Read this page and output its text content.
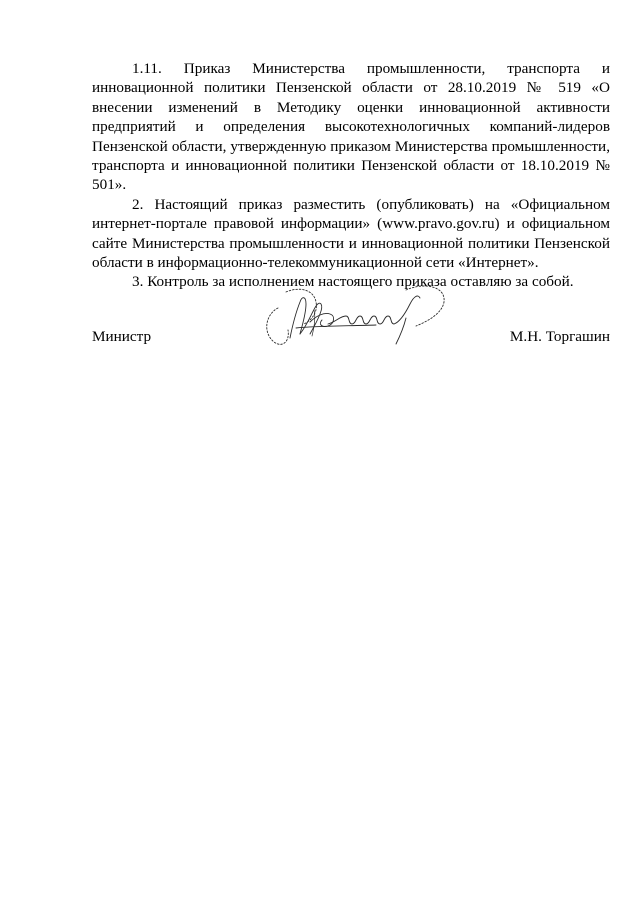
1.11. Приказ Министерства промышленности, транспорта и инновационной политики Пензенской области от 28.10.2019 № 519 «О внесении изменений в Методику оценки инновационной активности предприятий и определения высокотехнологичных компаний-лидеров Пензенской области, утвержденную приказом Министерства промышленности, транспорта и инновационной политики Пензенской области от 18.10.2019 № 501».

2. Настоящий приказ разместить (опубликовать) на «Официальном интернет-портале правовой информации» (www.pravo.gov.ru) и официальном сайте Министерства промышленности и инновационной политики Пензенской области в информационно-телекоммуникационной сети «Интернет».

3. Контроль за исполнением настоящего приказа оставляю за собой.

Министр	М.Н. Торгашин
